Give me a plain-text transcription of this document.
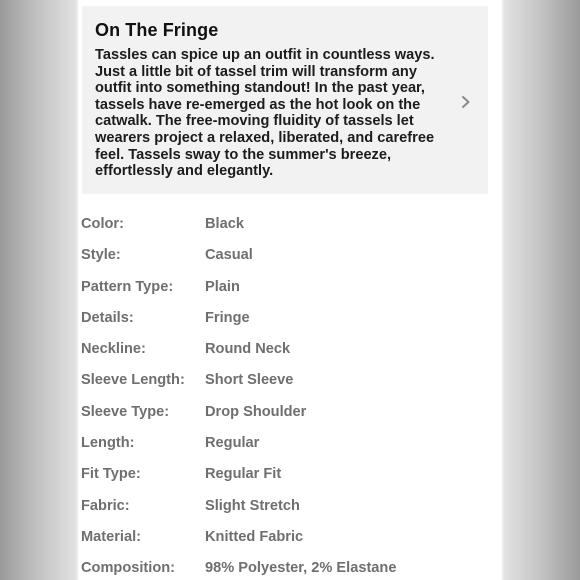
On The Fringe

Tassles can spice up an outfit in countless ways. Just a little bit of tassel trim will transform any outfit into something standout! In the past year, tassels have re-emerged as the hot look on the catwalk. The free-moving fluidity of tassels let wearers project a relaxed, liberated, and carefree feel. Tassels sway to the summer's breeze, effortlessly and elegantly.

Color:	Black
Style:	Casual
Pattern Type: Plain
Details:	Fringe
Neckline:	Round Neck
Sleeve Length: Short Sleeve
Sleeve Type: Drop Shoulder
Length:	Regular
Fit Type:	Regular Fit
Fabric:	Slight Stretch
Material:	Knitted Fabric
Composition: 98% Polyester, 2% Elastane
